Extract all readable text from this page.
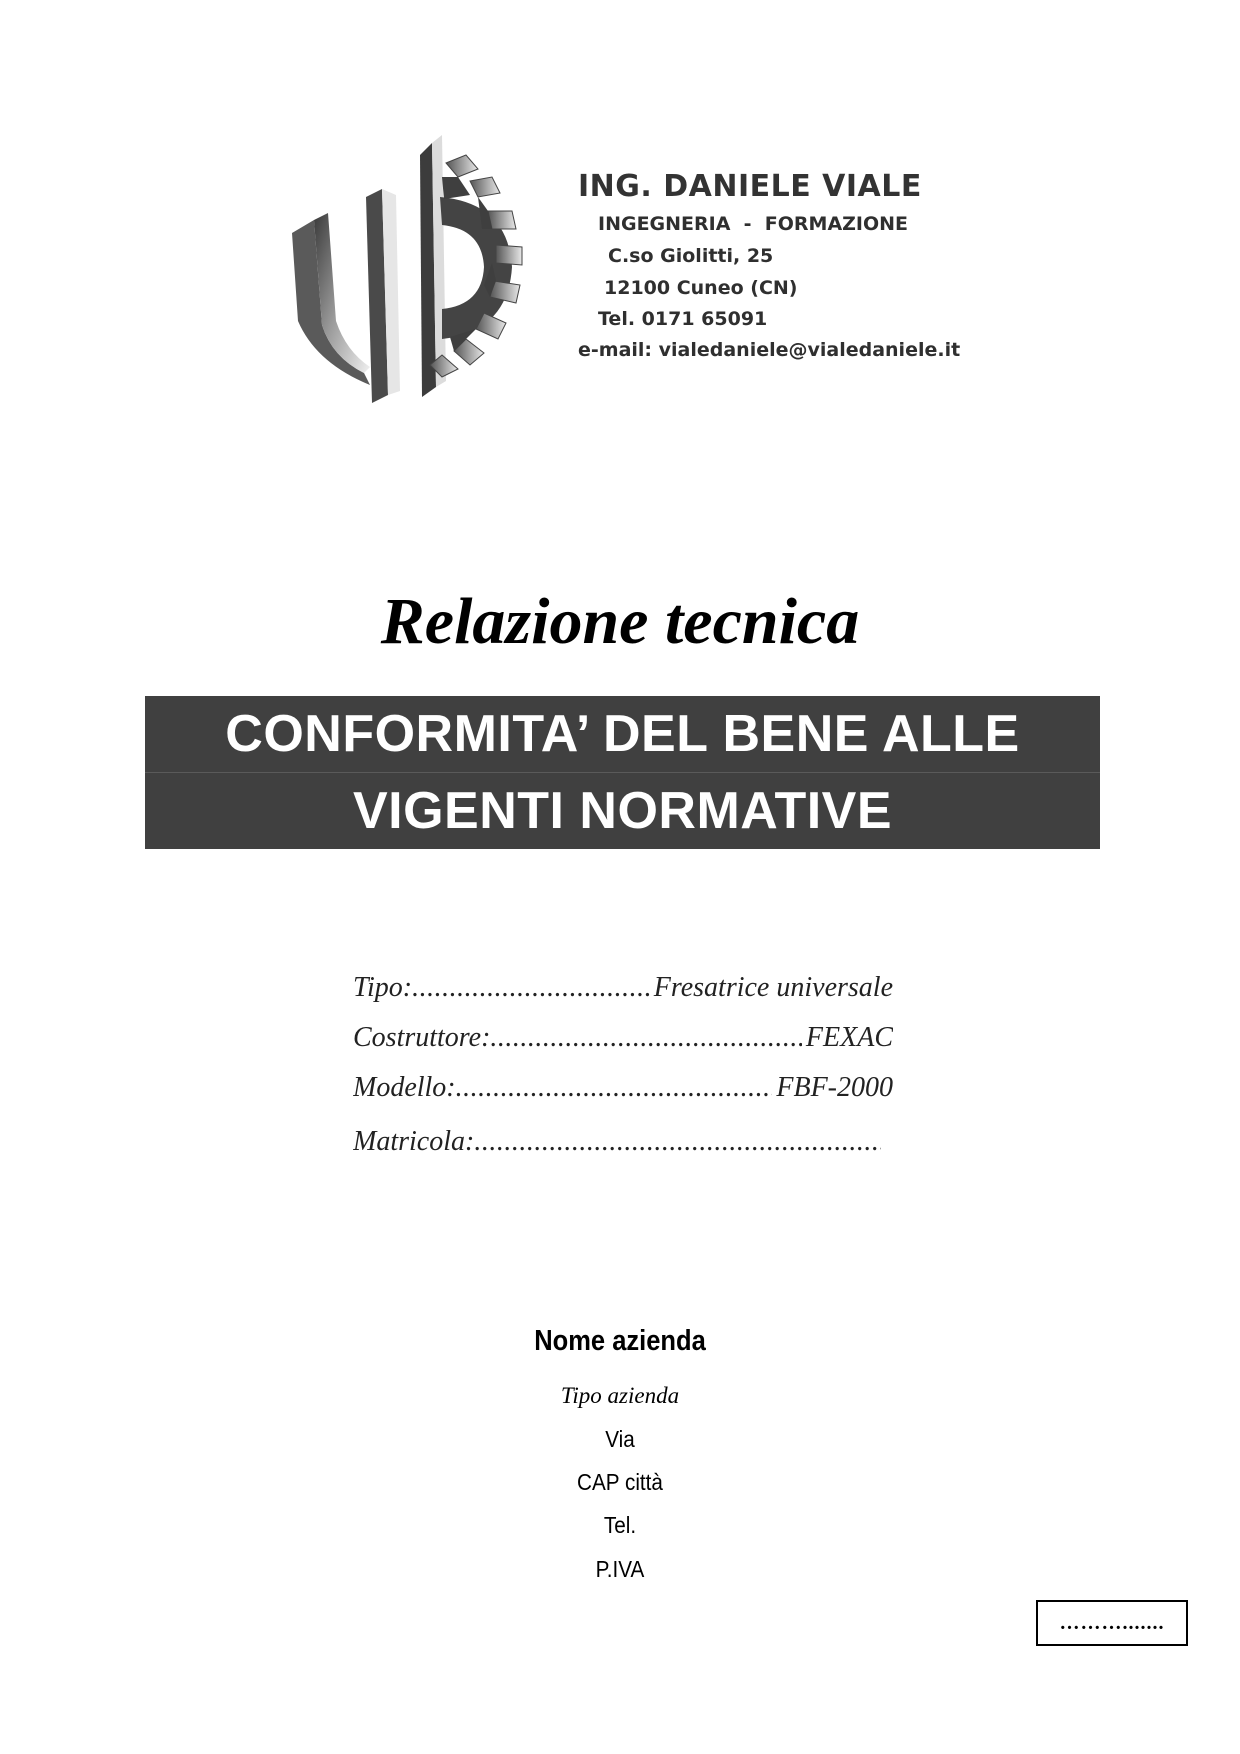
ING. DANIELE VIALE
INGEGNERIA  -  FORMAZIONE
C.so Giolitti, 25
12100 Cuneo (CN)
Tel. 0171 65091
e-mail: vialedaniele@vialedaniele.it
Relazione tecnica
CONFORMITA’ DEL BENE ALLE
VIGENTI NORMATIVE
Tipo: .....	Fresatrice universale
Costruttore: .....	FEXAC
Modello: .....	FBF-2000
Matricola:
.....
Nome azienda
Tipo azienda
Via
CAP città
Tel.
P.IVA
……….......
